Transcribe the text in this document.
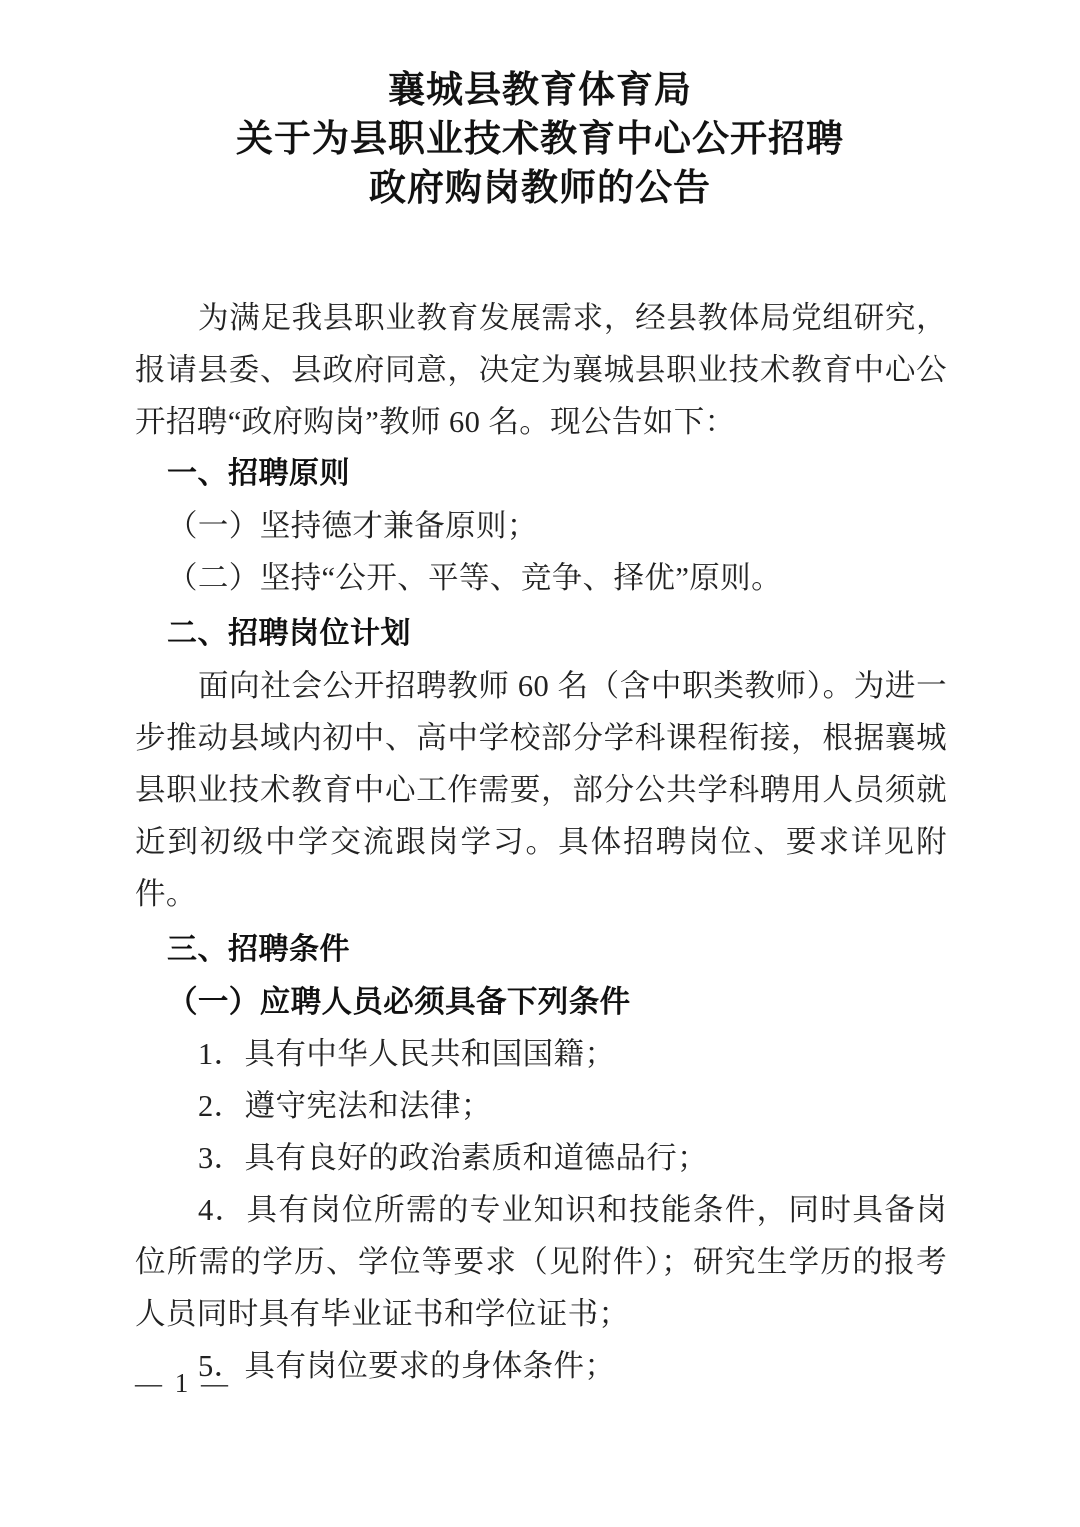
襄城县教育体育局
关于为县职业技术教育中心公开招聘
政府购岗教师的公告

为满足我县职业教育发展需求，经县教体局党组研究，报请县委、县政府同意，决定为襄城县职业技术教育中心公开招聘“政府购岗”教师 60 名。现公告如下：

一、招聘原则

（一）坚持德才兼备原则；

（二）坚持“公开、平等、竞争、择优”原则。

二、招聘岗位计划

面向社会公开招聘教师 60 名（含中职类教师）。为进一步推动县域内初中、高中学校部分学科课程衔接，根据襄城县职业技术教育中心工作需要，部分公共学科聘用人员须就近到初级中学交流跟岗学习。具体招聘岗位、要求详见附件。

三、招聘条件
（一）应聘人员必须具备下列条件

1．具有中华人民共和国国籍；

2．遵守宪法和法律；

3．具有良好的政治素质和道德品行；

4．具有岗位所需的专业知识和技能条件，同时具备岗位所需的学历、学位等要求（见附件）；研究生学历的报考人员同时具有毕业证书和学位证书；

5．具有岗位要求的身体条件；

— 1 —
